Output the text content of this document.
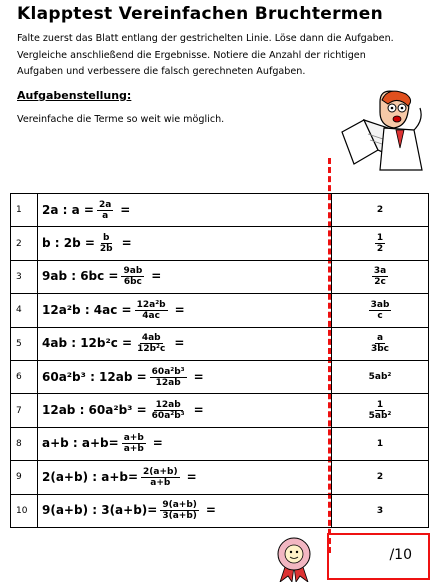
Klapptest Vereinfachen Bruchtermen
Falte zuerst das Blatt entlang der gestrichelten Linie. Löse dann die Aufgaben.
Vergleiche anschließend die Ergebnisse. Notiere die Anzahl der richtigen
Aufgaben und verbessere die falsch gerechneten Aufgaben.
Aufgabenstellung:
Vereinfache die Terme so weit wie möglich.
1	2a : $a = \frac{2a}{a}$ =	2
2	b : $2b = \frac{b}{2b}$ =	$\frac{1}{2}$

3	9ab : $6bc = \frac{9ab}{6bc}$ =	$\frac{3a}{2c}$

4	12a²b : $4ac = \frac{\text{12a²b}}{4ac}$ =	$\frac{3ab}{c}$

5	4ab : $12b^2c = \frac{4ab}{\text{12b²c}}$ =	$\frac{a}{3bc}$

6	60a²b³ : $12ab = \frac{\text{60a²b³}}{12ab}$ =	5ab²
7	12ab : $60a^2b^3 = \frac{12ab}{\text{60a²b³}}$ =	$\frac{1}{\text{5ab²}}$

8	a+b : $a+b= \frac{a+b}{a+b}$ =	1
9	2(a+b) : $a+b= \frac{2(a+b)}{a+b}$ =	2
10	9(a+b) : $3(a+b)= \frac{9(a+b)}{3(a+b)}$ =	3
/10
